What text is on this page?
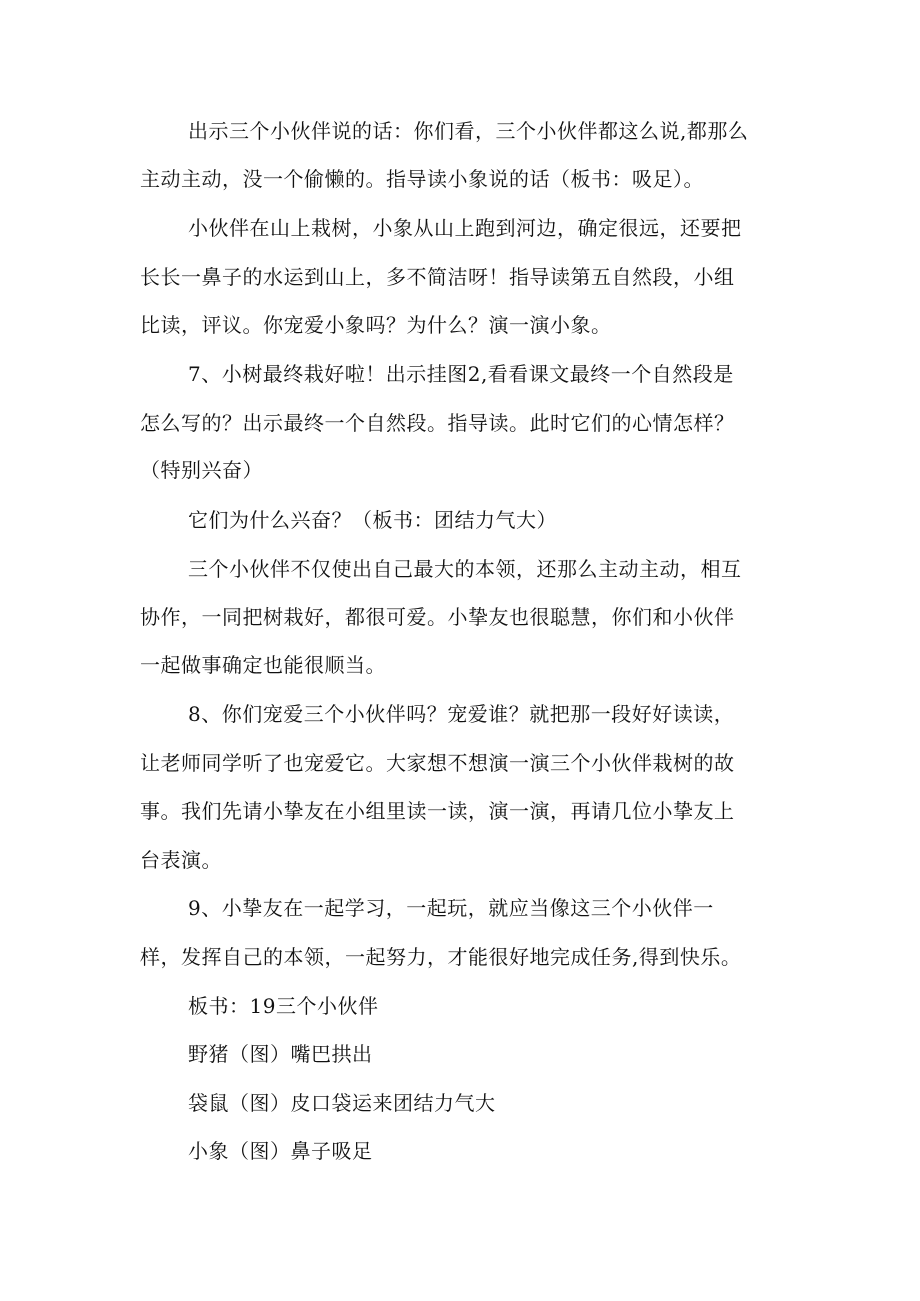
出示三个小伙伴说的话：你们看，三个小伙伴都这么说,都那么
主动主动，没一个偷懒的。指导读小象说的话（板书：吸足）。
小伙伴在山上栽树，小象从山上跑到河边，确定很远，还要把
长长一鼻子的水运到山上，多不简洁呀！指导读第五自然段，小组
比读，评议。你宠爱小象吗？为什么？演一演小象。
7、小树最终栽好啦！出示挂图2,看看课文最终一个自然段是
怎么写的？出示最终一个自然段。指导读。此时它们的心情怎样？
（特别兴奋）
它们为什么兴奋？（板书：团结力气大）
三个小伙伴不仅使出自己最大的本领，还那么主动主动，相互
协作，一同把树栽好，都很可爱。小挚友也很聪慧，你们和小伙伴
一起做事确定也能很顺当。
8、你们宠爱三个小伙伴吗？宠爱谁？就把那一段好好读读，
让老师同学听了也宠爱它。大家想不想演一演三个小伙伴栽树的故
事。我们先请小挚友在小组里读一读，演一演，再请几位小挚友上
台表演。
9、小挚友在一起学习，一起玩，就应当像这三个小伙伴一
样，发挥自己的本领，一起努力，才能很好地完成任务,得到快乐。
板书：19三个小伙伴
野猪（图）嘴巴拱出
袋鼠（图）皮口袋运来团结力气大
小象（图）鼻子吸足
